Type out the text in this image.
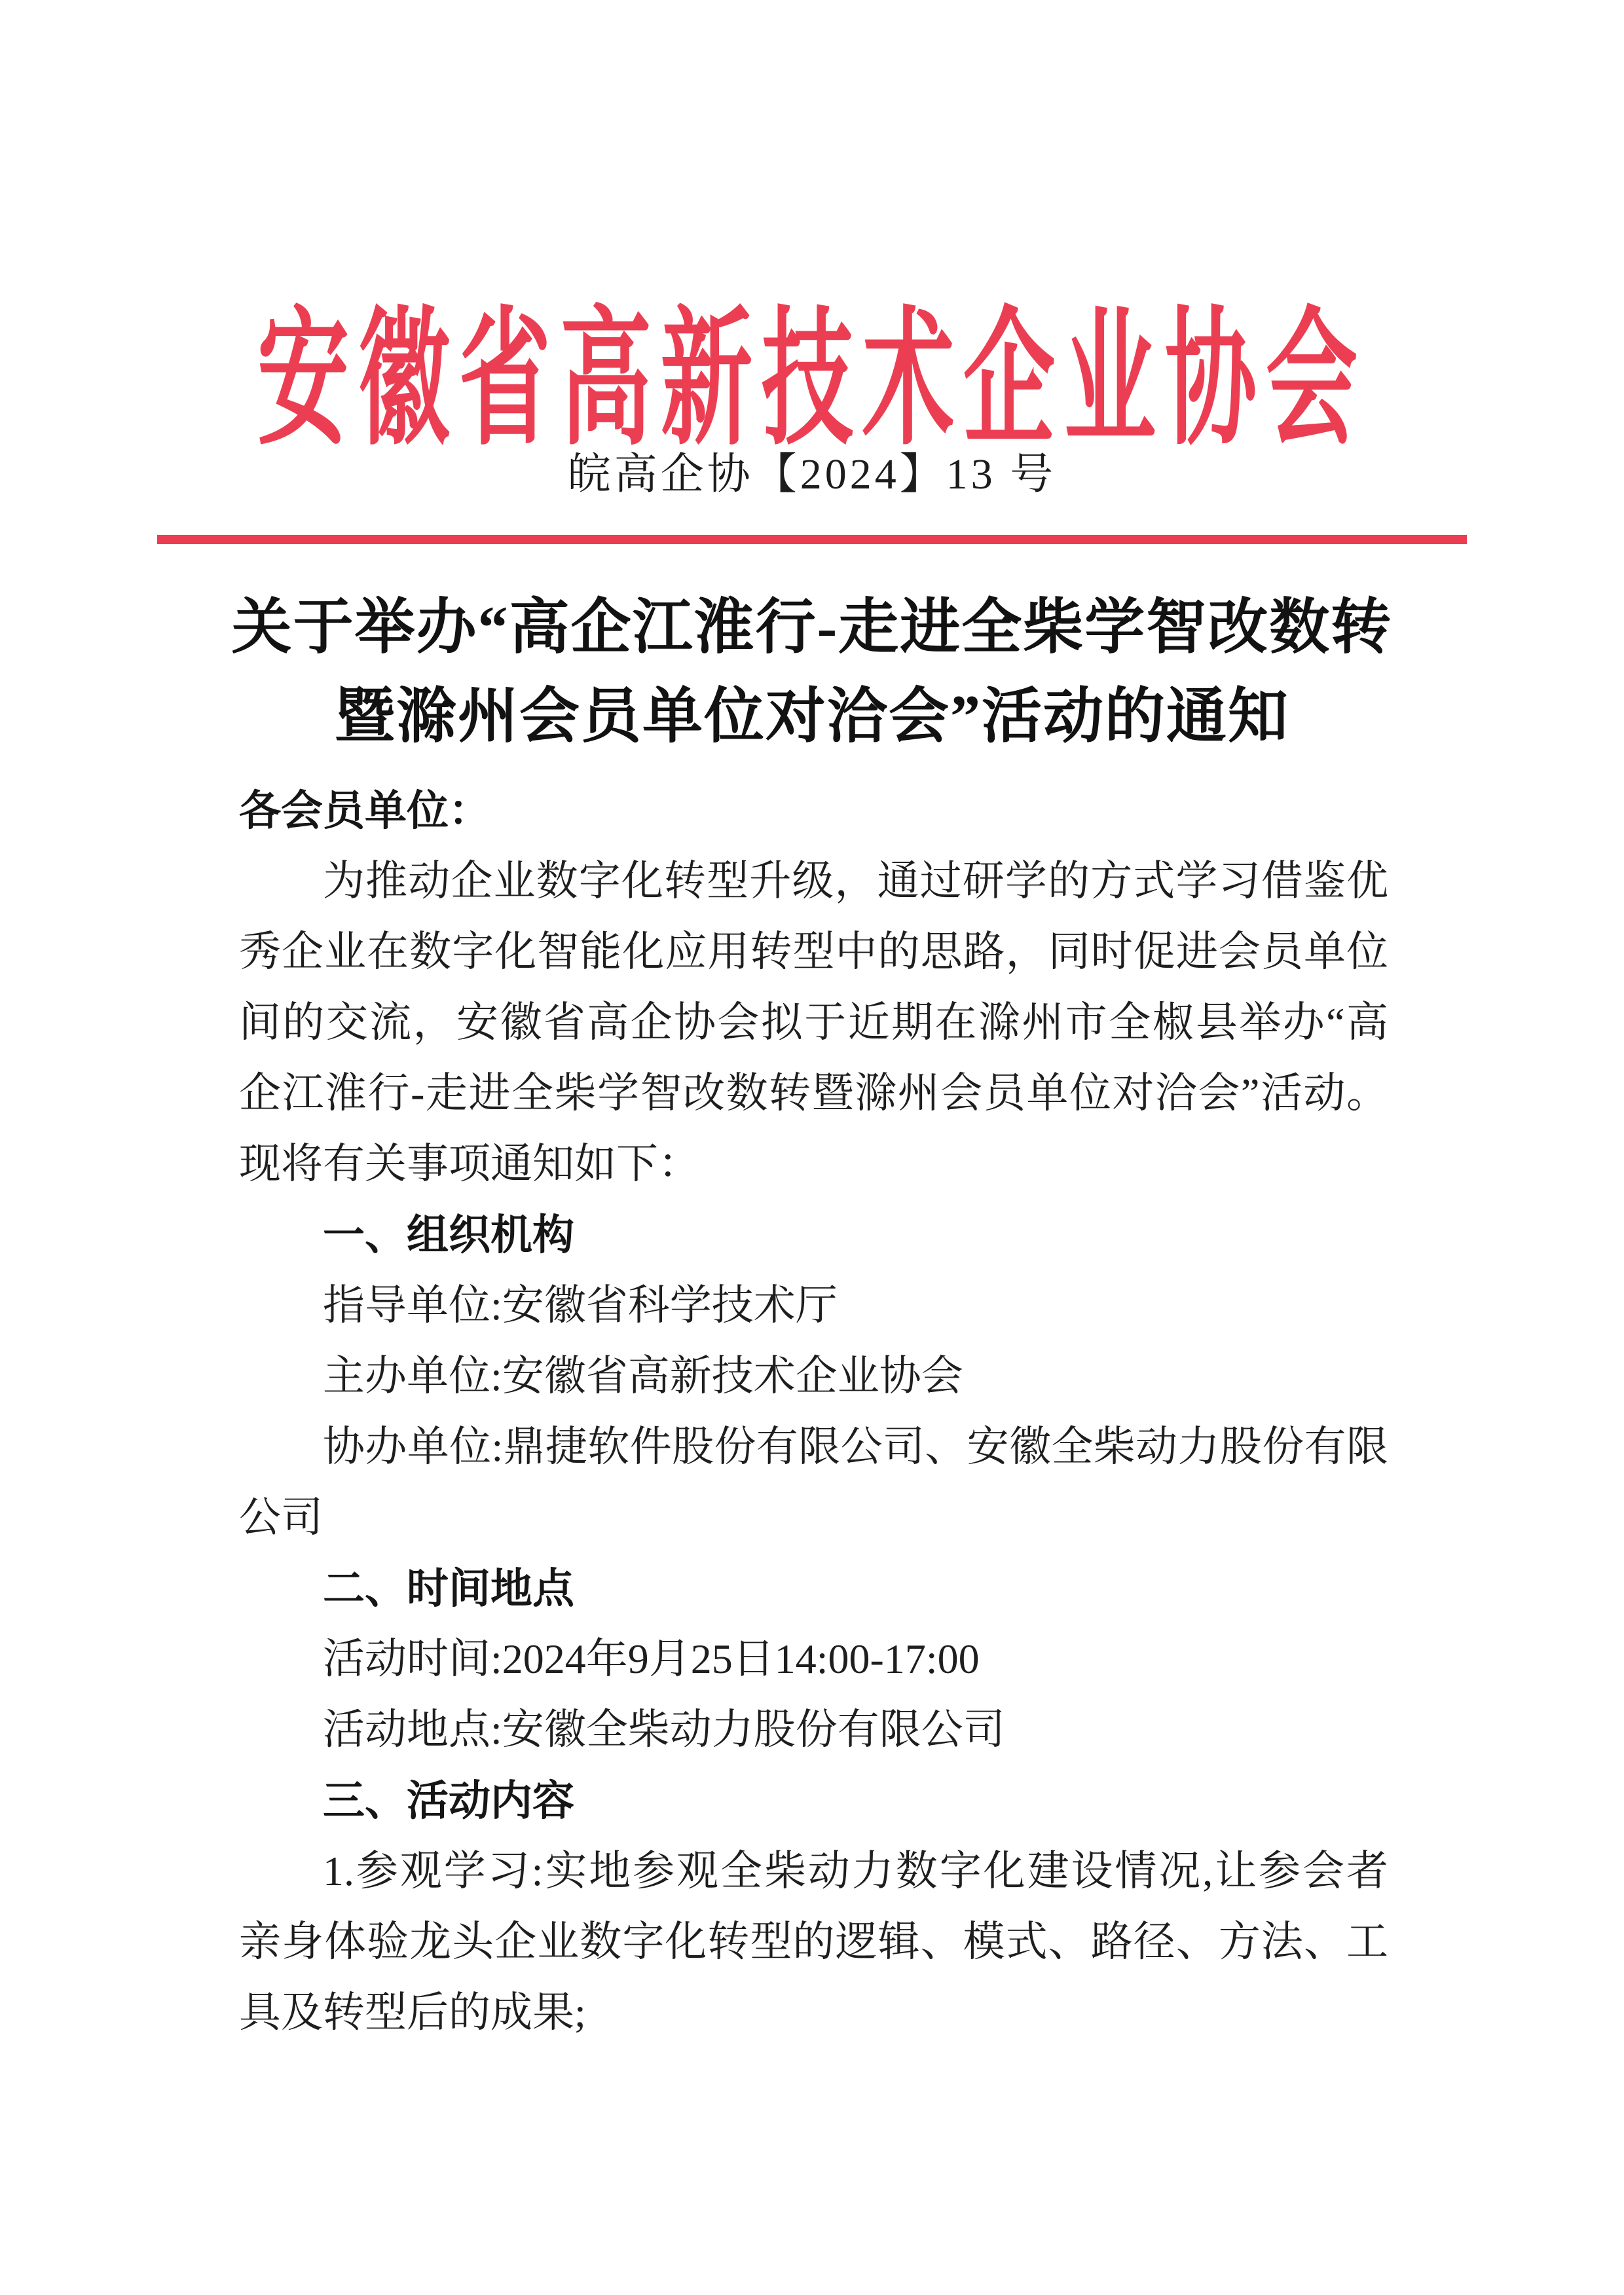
安徽省高新技术企业协会
皖高企协【2024】13 号
关于举办“高企江淮行-走进全柴学智改数转
暨滁州会员单位对洽会”活动的通知
各会员单位：
为推动企业数字化转型升级，通过研学的方式学习借鉴优
秀企业在数字化智能化应用转型中的思路，同时促进会员单位
间的交流，安徽省高企协会拟于近期在滁州市全椒县举办“高
企江淮行-走进全柴学智改数转暨滁州会员单位对洽会”活动。
现将有关事项通知如下：
一、组织机构
指导单位:安徽省科学技术厅
主办单位:安徽省高新技术企业协会
协办单位:鼎捷软件股份有限公司、安徽全柴动力股份有限
公司
二、时间地点
活动时间:2024年9月25日14:00-17:00
活动地点:安徽全柴动力股份有限公司
三、活动内容
1.参观学习:实地参观全柴动力数字化建设情况,让参会者
亲身体验龙头企业数字化转型的逻辑、模式、路径、方法、工
具及转型后的成果;
